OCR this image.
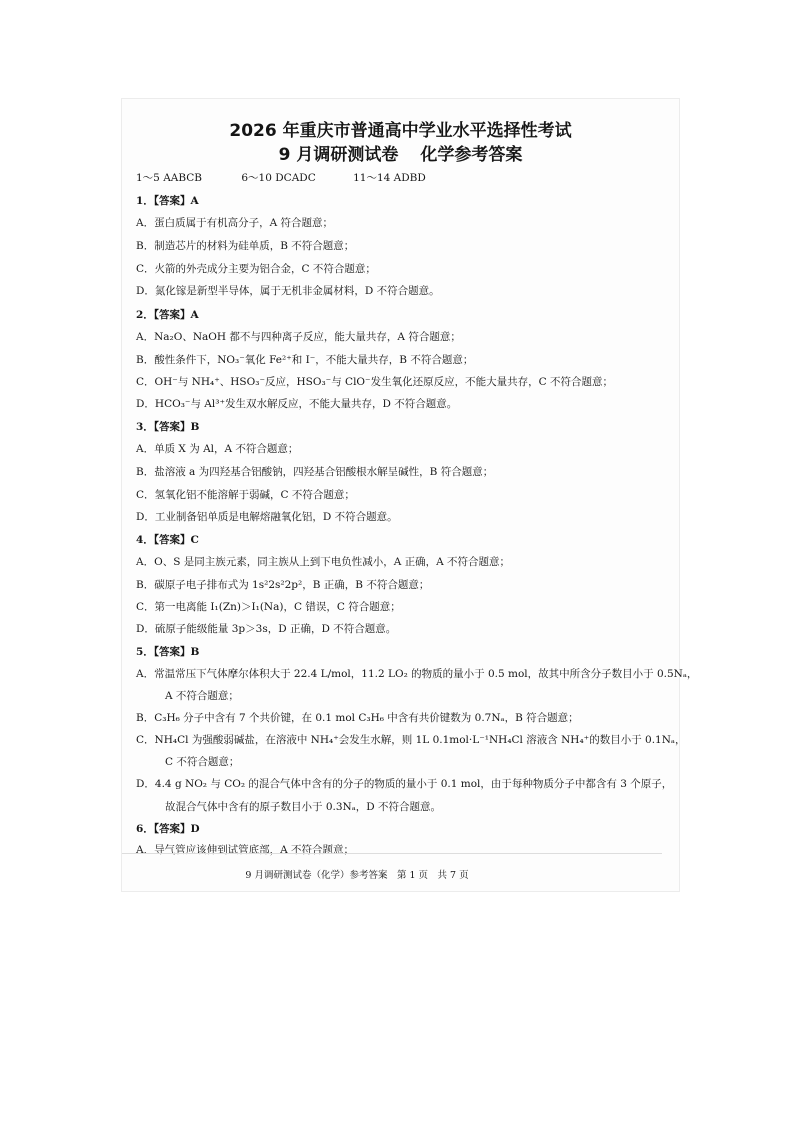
2026 年重庆市普通高中学业水平选择性考试
9 月调研测试卷 化学参考答案
1～5 AABCB	6～10 DCADC	11～14 ADBD
1．【答案】A
A．蛋白质属于有机高分子，A 符合题意；
B．制造芯片的材料为硅单质，B 不符合题意；
C．火箭的外壳成分主要为铝合金，C 不符合题意；
D．氮化镓是新型半导体，属于无机非金属材料，D 不符合题意。
2．【答案】A
A．Na₂O、NaOH 都不与四种离子反应，能大量共存，A 符合题意；
B．酸性条件下，NO₃⁻氧化 Fe²⁺和 I⁻，不能大量共存，B 不符合题意；
C．OH⁻与 NH₄⁺、HSO₃⁻反应，HSO₃⁻与 ClO⁻发生氧化还原反应，不能大量共存，C 不符合题意；
D．HCO₃⁻与 Al³⁺发生双水解反应，不能大量共存，D 不符合题意。
3．【答案】B
A．单质 X 为 Al，A 不符合题意；
B．盐溶液 a 为四羟基合铝酸钠，四羟基合铝酸根水解呈碱性，B 符合题意；
C．氢氧化铝不能溶解于弱碱，C 不符合题意；
D．工业制备铝单质是电解熔融氧化铝，D 不符合题意。
4．【答案】C
A．O、S 是同主族元素，同主族从上到下电负性减小，A 正确，A 不符合题意；
B．碳原子电子排布式为 1s²2s²2p²，B 正确，B 不符合题意；
C．第一电离能 I₁(Zn)＞I₁(Na)，C 错误，C 符合题意；
D．硫原子能级能量 3p＞3s，D 正确，D 不符合题意。
5．【答案】B
A．常温常压下气体摩尔体积大于 22.4 L/mol，11.2 LO₂ 的物质的量小于 0.5 mol，故其中所含分子数目小于 0.5Nₐ，
A 不符合题意；
B．C₃H₆ 分子中含有 7 个共价键，在 0.1 mol C₃H₆ 中含有共价键数为 0.7Nₐ，B 符合题意；
C．NH₄Cl 为强酸弱碱盐，在溶液中 NH₄⁺会发生水解，则 1L 0.1mol·L⁻¹NH₄Cl 溶液含 NH₄⁺的数目小于 0.1Nₐ，
C 不符合题意；
D．4.4 g NO₂ 与 CO₂ 的混合气体中含有的分子的物质的量小于 0.1 mol，由于每种物质分子中都含有 3 个原子，
故混合气体中含有的原子数目小于 0.3Nₐ，D 不符合题意。
6．【答案】D
A．导气管应该伸到试管底部，A 不符合题意；
9 月调研测试卷（化学）参考答案　第 1 页　共 7 页
